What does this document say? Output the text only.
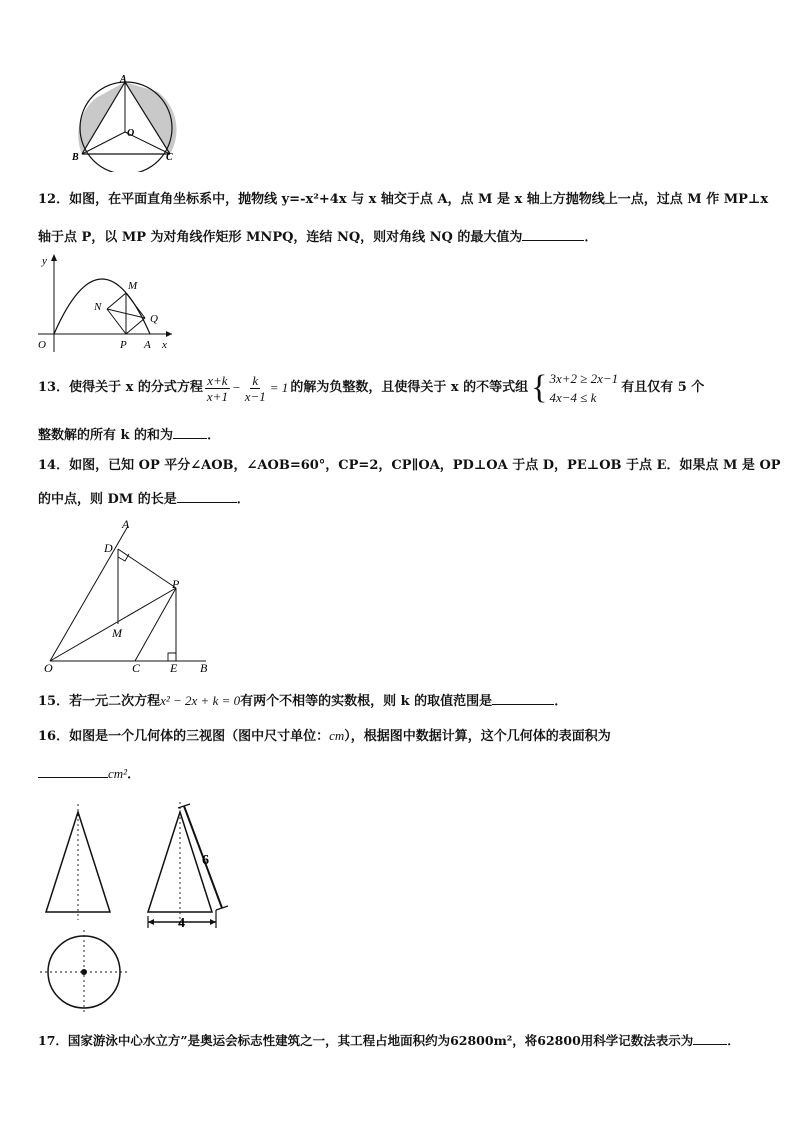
A
O
B	C
12．如图，在平面直角坐标系中，抛物线 y=-x²+4x 与 x 轴交于点 A，点 M 是 x 轴上方抛物线上一点，过点 M 作 MP⊥x
轴于点 P，以 MP 为对角线作矩形 MNPQ，连结 NQ，则对角线 NQ 的最大值为	．
y
x
O
M
N
Q
P A
13．使得关于 x 的分式方程 $\frac{x+k}{x+1} - \frac{k}{x-1} = 1$ 的解为负整数，且使得关于 x 的不等式组 { 3x+2 ≥ 2x−1
4x−4 ≤ k
有且仅有 5 个
整数解的所有 k 的和为	．
14．如图，已知 OP 平分∠AOB，∠AOB=60°，CP=2，CP∥OA，PD⊥OA 于点 D，PE⊥OB 于点 E．如果点 M 是 OP
的中点，则 DM 的长是	．
A
D
P
M
O	C E B
15．若一元二次方程x² − 2x + k = 0有两个不相等的实数根，则 k 的取值范围是	．
16．如图是一个几何体的三视图（图中尺寸单位：cm），根据图中数据计算，这个几何体的表面积为
cm²．
6
4
17．国家游泳中心水立方”是奥运会标志性建筑之一，其工程占地面积约为62800m²，将62800用科学记数法表示为	．
